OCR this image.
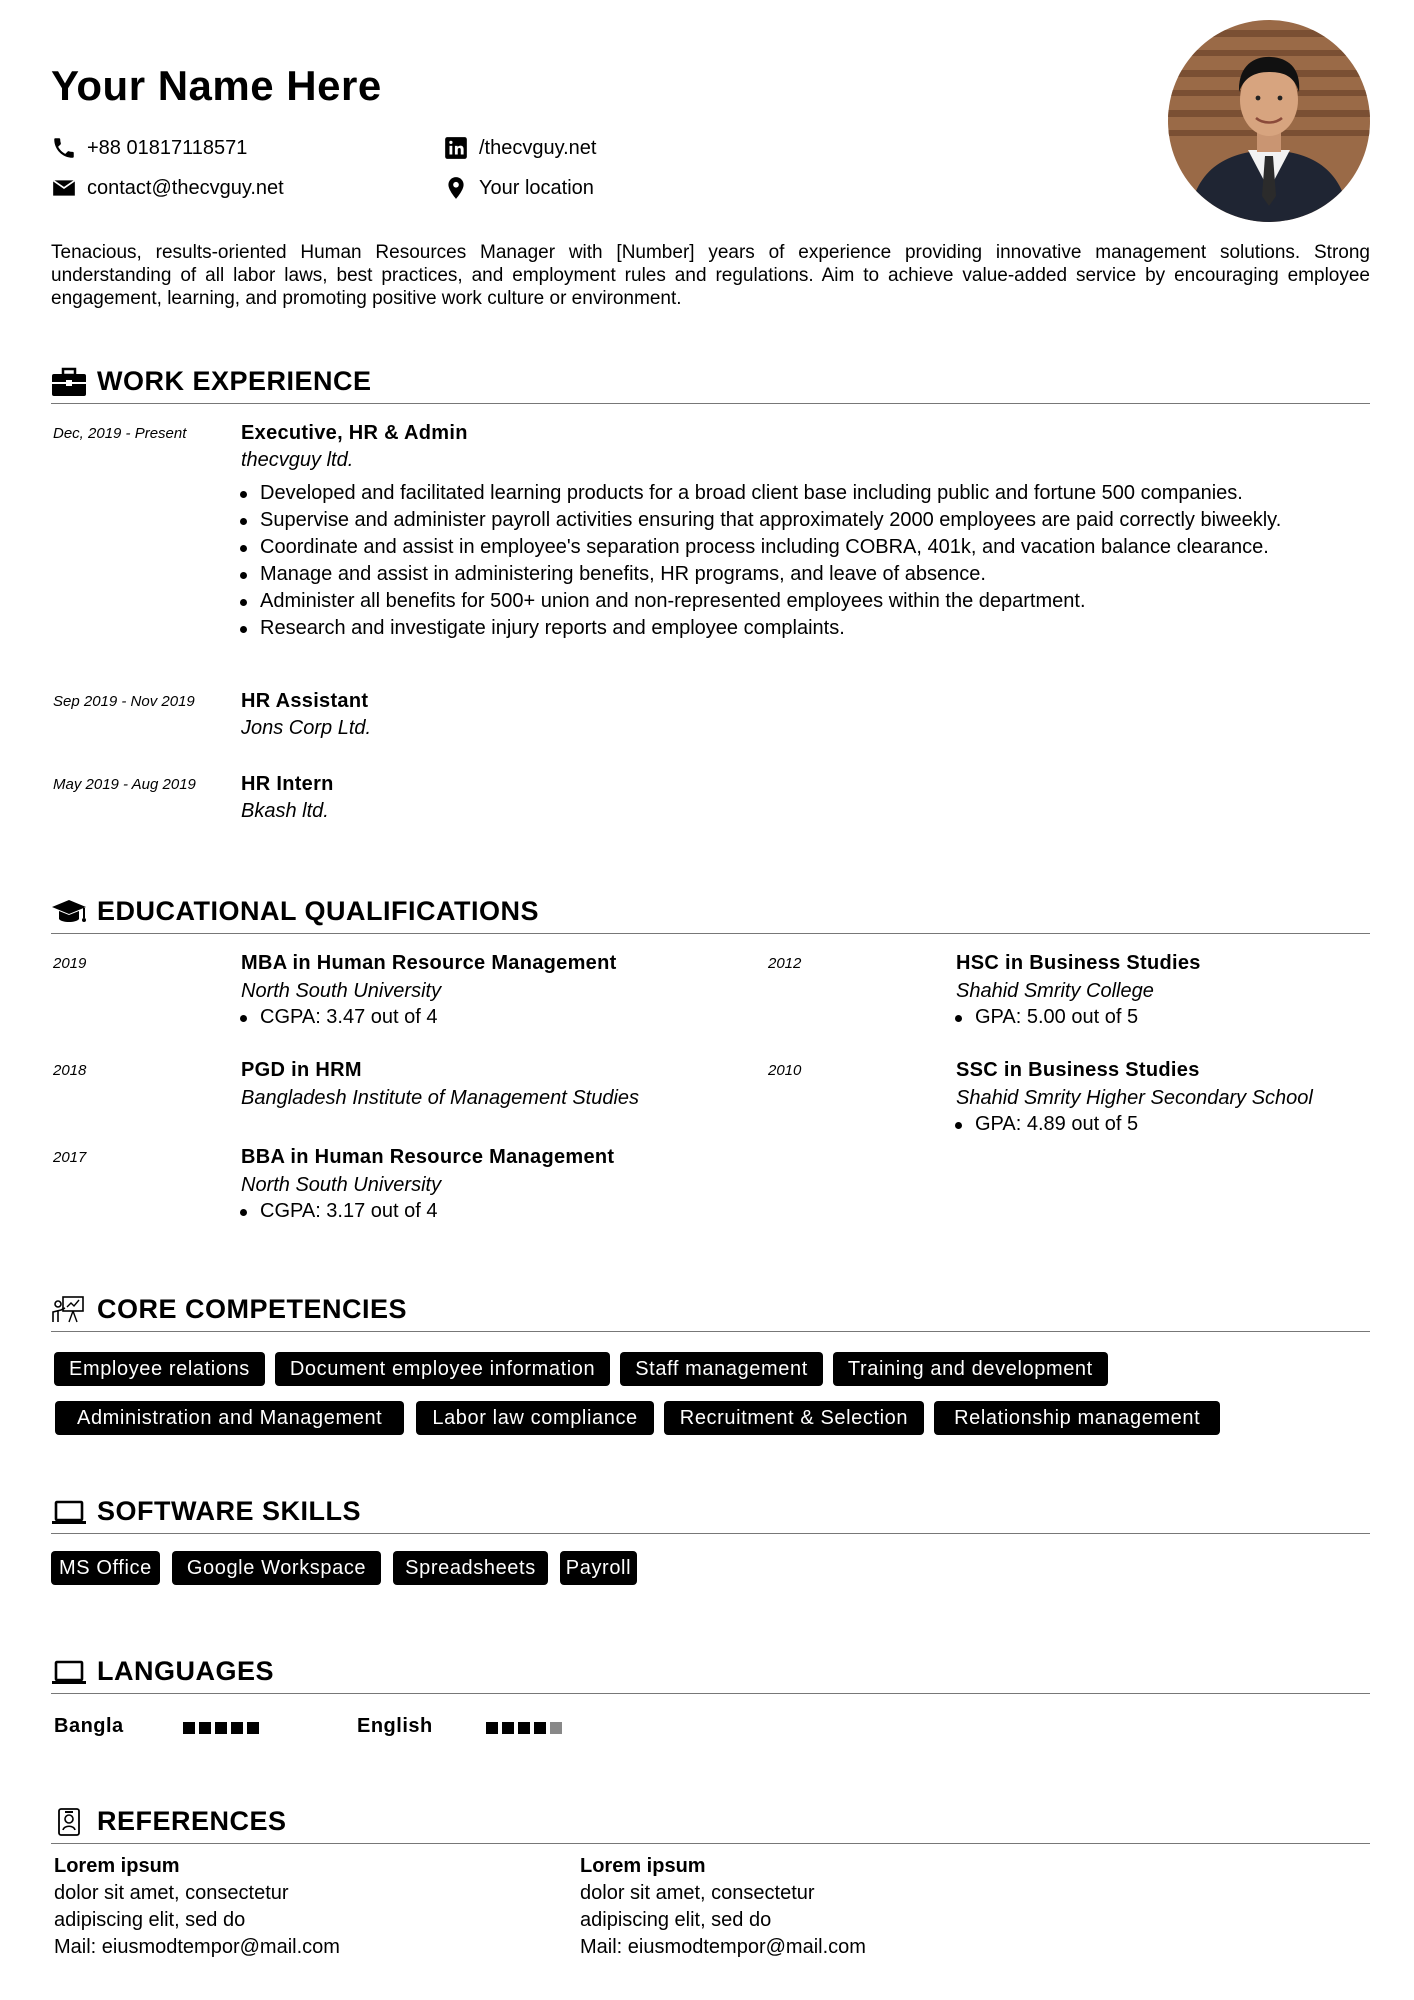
Your Name Here
+88 01817118571
contact@thecvguy.net
/thecvguy.net
Your location
Tenacious, results-oriented Human Resources Manager with [Number] years of experience providing innovative management solutions. Strong understanding of all labor laws, best practices, and employment rules and regulations. Aim to achieve value-added service by encouraging employee engagement, learning, and promoting positive work culture or environment.
WORK EXPERIENCE
Dec, 2019 - Present	Executive, HR & Admin
thecvguy ltd.
Developed and facilitated learning products for a broad client base including public and fortune 500 companies.
Supervise and administer payroll activities ensuring that approximately 2000 employees are paid correctly biweekly.
Coordinate and assist in employee's separation process including COBRA, 401k, and vacation balance clearance.
Manage and assist in administering benefits, HR programs, and leave of absence.
Administer all benefits for 500+ union and non-represented employees within the department.
Research and investigate injury reports and employee complaints.
Sep 2019 - Nov 2019 HR Assistant
Jons Corp Ltd.
May 2019 - Aug 2019 HR Intern
Bkash ltd.
EDUCATIONAL QUALIFICATIONS
2019	MBA in Human Resource Management
North South University
CGPA: 3.47 out of 4
2018	PGD in HRM
Bangladesh Institute of Management Studies
2017	BBA in Human Resource Management
North South University
CGPA: 3.17 out of 4
2012	HSC in Business Studies
Shahid Smrity College
GPA: 5.00 out of 5
2010	SSC in Business Studies
Shahid Smrity Higher Secondary School
GPA: 4.89 out of 5
CORE COMPETENCIES
Employee relations	Document employee information	Staff management	Training and development
Administration and Management	Labor law compliance	Recruitment & Selection	Relationship management
SOFTWARE SKILLS
MS Office	Google Workspace	Spreadsheets	Payroll
LANGUAGES
Bangla	English
REFERENCES
Lorem ipsum
dolor sit amet, consectetur
adipiscing elit, sed do
Mail: eiusmodtempor@mail.com
Lorem ipsum
dolor sit amet, consectetur
adipiscing elit, sed do
Mail: eiusmodtempor@mail.com
